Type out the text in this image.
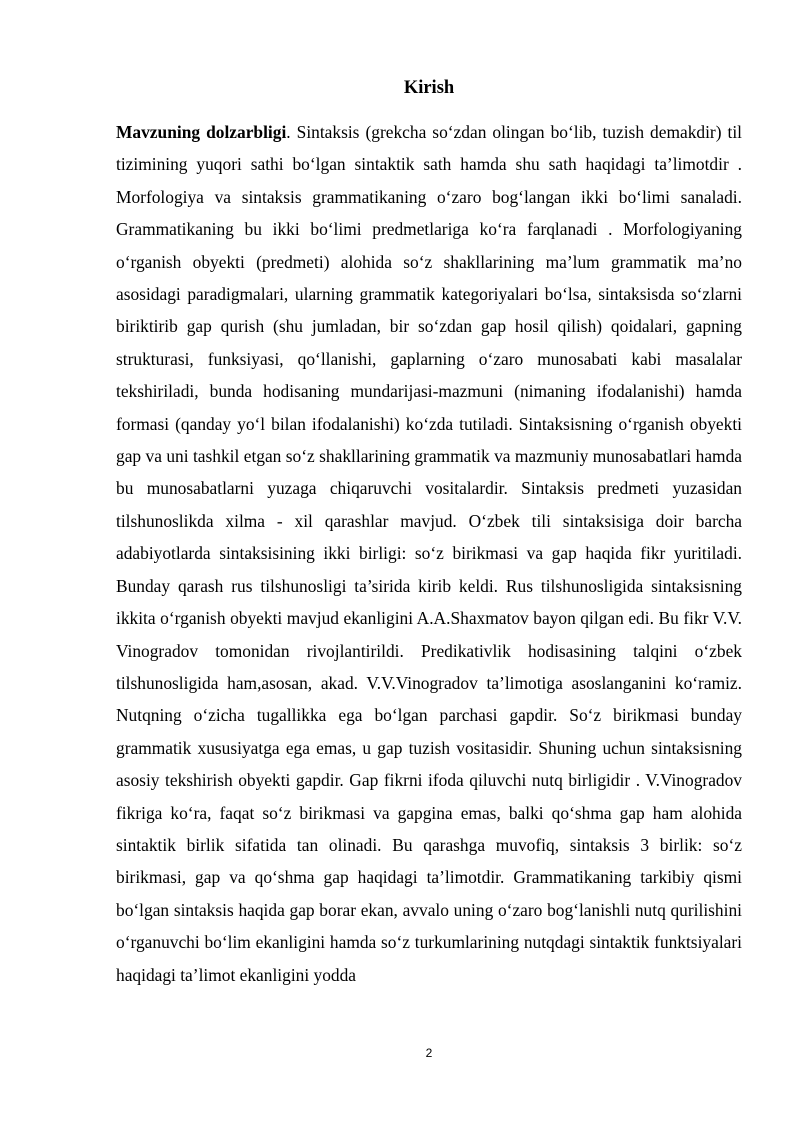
Kirish

Mavzuning dolzarbligi. Sintaksis (grekcha so‘zdan olingan bo‘lib, tuzish demakdir) til tizimining yuqori sathi bo‘lgan sintaktik sath hamda shu sath haqidagi ta’limotdir . Morfologiya va sintaksis grammatikaning o‘zaro bog‘langan ikki bo‘limi sanaladi. Grammatikaning bu ikki bo‘limi predmetlariga ko‘ra farqlanadi . Morfologiyaning o‘rganish obyekti (predmeti) alohida so‘z shakllarining ma’lum grammatik ma’no asosidagi paradigmalari, ularning grammatik kategoriyalari bo‘lsa, sintaksisda so‘zlarni biriktirib gap qurish (shu jumladan, bir so‘zdan gap hosil qilish) qoidalari, gapning strukturasi, funksiyasi, qo‘llanishi, gaplarning o‘zaro munosabati kabi masalalar tekshiriladi, bunda hodisaning mundarijasi-mazmuni (nimaning ifodalanishi) hamda formasi (qanday yo‘l bilan ifodalanishi) ko‘zda tutiladi. Sintaksisning o‘rganish obyekti gap va uni tashkil etgan so‘z shakllarining grammatik va mazmuniy munosabatlari hamda bu munosabatlarni yuzaga chiqaruvchi vositalardir. Sintaksis predmeti yuzasidan tilshunoslikda xilma - xil qarashlar mavjud. O‘zbek tili sintaksisiga doir barcha adabiyotlarda sintaksisining ikki birligi: so‘z birikmasi va gap haqida fikr yuritiladi. Bunday qarash rus tilshunosligi ta’sirida kirib keldi. Rus tilshunosligida sintaksisning ikkita o‘rganish obyekti mavjud ekanligini A.A.Shaxmatov bayon qilgan edi. Bu fikr V.V. Vinogradov tomonidan rivojlantirildi. Predikativlik hodisasining talqini o‘zbek tilshunosligida ham,asosan, akad. V.V.Vinogradov ta’limotiga asoslanganini ko‘ramiz. Nutqning o‘zicha tugallikka ega bo‘lgan parchasi gapdir. So‘z birikmasi bunday grammatik xususiyatga ega emas, u gap tuzish vositasidir. Shuning uchun sintaksisning asosiy tekshirish obyekti gapdir. Gap fikrni ifoda qiluvchi nutq birligidir . V.Vinogradov fikriga ko‘ra, faqat so‘z birikmasi va gapgina emas, balki qo‘shma gap ham alohida sintaktik birlik sifatida tan olinadi. Bu qarashga muvofiq, sintaksis 3 birlik: so‘z birikmasi, gap va qo‘shma gap haqidagi ta’limotdir. Grammatikaning tarkibiy qismi bo‘lgan sintaksis haqida gap borar ekan, avvalo uning o‘zaro bog‘lanishli nutq qurilishini o‘rganuvchi bo‘lim ekanligini hamda so‘z turkumlarining nutqdagi sintaktik funktsiyalari haqidagi ta’limot ekanligini yodda

2
